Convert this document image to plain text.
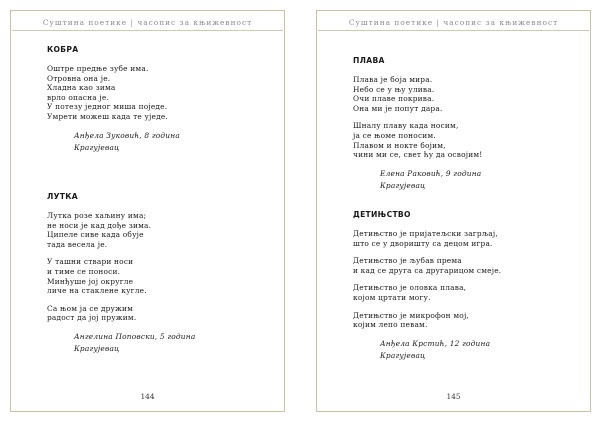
Суштина поетике | часопис за књижевност
КОБРА
Оштре предње зубе има.
Отровна она је.
Хладна као зима
врло опасна је.
У потезу једног миша поједе.
Умрети можеш када те уједе.
Анђела Зуковић, 8 година
Крагујевац
ЛУТКА
Лутка розе хаљину има;
не носи је кад дође зима.
Ципеле сиве када обује
тада весела је.
У ташни ствари носи
и тиме се поноси.
Минђуше јој округле
личе на стаклене кугле.
Са њом ја се дружим
радост да јој пружим.
Ангелина Поповски, 5 година
Крагујевац
144
Суштина поетике | часопис за књижевност
ПЛАВА
Плава је боја мира.
Небо се у њу улива.
Очи плаве покрива.
Она ми је попут дара.
Шналу плаву када носим,
ја се њоме поносим.
Плавом и нокте бојим,
чини ми се, свет ћу да освојим!
Елена Раковић, 9 година
Крагујевац
ДЕТИЊСТВО
Детињство је пријатељски загрљај,
што се у дворишту са децом игра.
Детињство је љубав према
и кад се друга са другарицом смеје.
Детињство је оловка плава,
којом цртати могу.
Детињство је микрофон мој,
којим лепо певам.
Анђела Крстић, 12 година
Крагујевац
145
